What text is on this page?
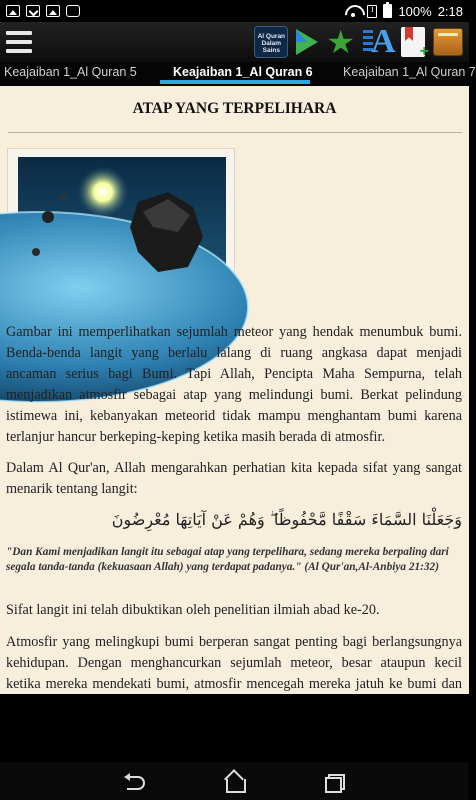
! 100% 2:18
Al Quran Dalam Sains ★ A
+
Keajaiban 1_Al Quran 5	Keajaiban 1_Al Quran 6 Keajaiban 1_Al Quran 7
ATAP YANG TERPELIHARA
Gambar ini memperlihatkan sejumlah meteor yang hendak menumbuk bumi. Benda-benda langit yang berlalu lalang di ruang angkasa dapat menjadi ancaman serius bagi Bumi. Tapi Allah, Pencipta Maha Sempurna, telah menjadikan atmosfir sebagai atap yang melindungi bumi. Berkat pelindung istimewa ini, kebanyakan meteorid tidak mampu menghantam bumi karena terlanjur hancur berkeping-keping ketika masih berada di atmosfir.
Dalam Al Qur'an, Allah mengarahkan perhatian kita kepada sifat yang sangat menarik tentang langit:
وَجَعَلْنَا السَّمَاءَ سَقْفًا مَّحْفُوظًا ۖ وَهُمْ عَنْ آيَاتِهَا مُعْرِضُونَ
"Dan Kami menjadikan langit itu sebagai atap yang terpelihara, sedang mereka berpaling dari segala tanda-tanda (kekuasaan Allah) yang terdapat padanya." (Al Qur'an,Al-Anbiya 21:32)
Sifat langit ini telah dibuktikan oleh penelitian ilmiah abad ke-20.
Atmosfir yang melingkupi bumi berperan sangat penting bagi berlangsungnya kehidupan. Dengan menghancurkan sejumlah meteor, besar ataupun kecil ketika mereka mendekati bumi, atmosfir mencegah mereka jatuh ke bumi dan
